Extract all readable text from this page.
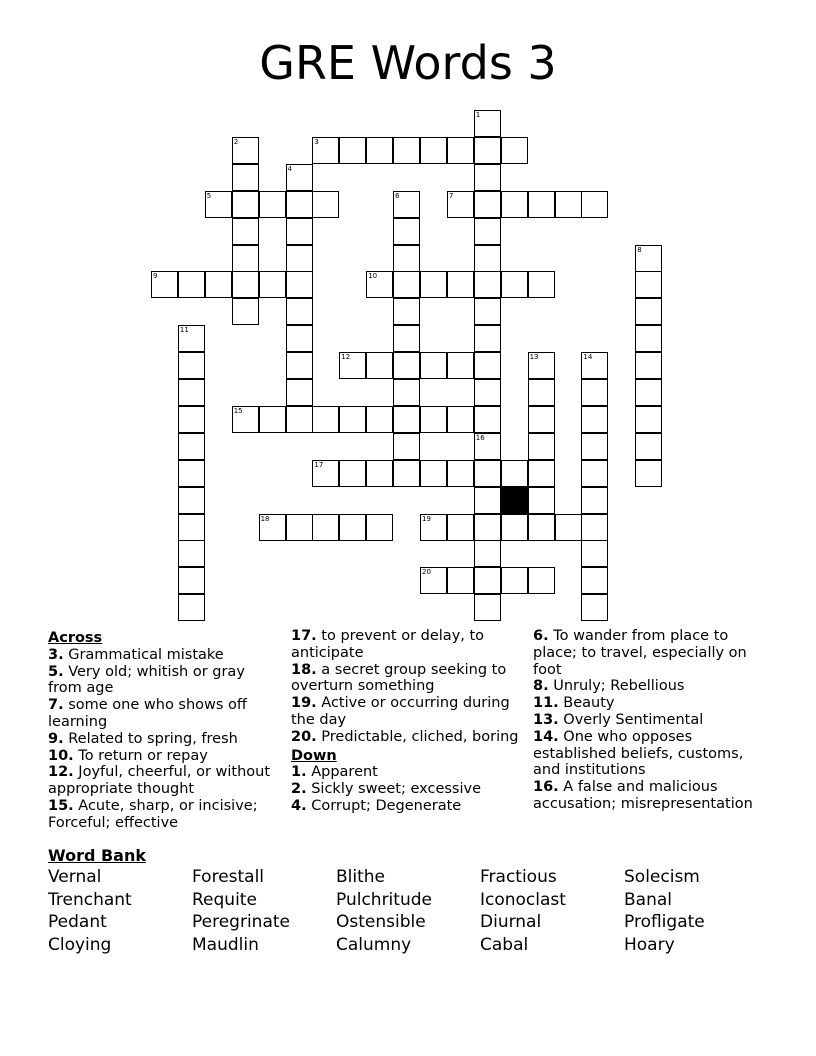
GRE Words 3
1
2	3
4
5	6	7
8
9	10
11
12	13	14
15
16
17
18	19
20
Across
3. Grammatical mistake
5. Very old; whitish or gray from age
7. some one who shows off learning
9. Related to spring, fresh
10. To return or repay
12. Joyful, cheerful, or without appropriate thought
15. Acute, sharp, or incisive; Forceful; effective
17. to prevent or delay, to anticipate
18. a secret group seeking to overturn something
19. Active or occurring during the day
20. Predictable, cliched, boring
Down
1. Apparent
2. Sickly sweet; excessive
4. Corrupt; Degenerate
6. To wander from place to place; to travel, especially on foot
8. Unruly; Rebellious
11. Beauty
13. Overly Sentimental
14. One who opposes established beliefs, customs, and institutions
16. A false and malicious accusation; misrepresentation
Word Bank
Vernal	Forestall	Blithe	Fractious	Solecism
Trenchant	Requite	Pulchritude	Iconoclast	Banal
Pedant	Peregrinate	Ostensible	Diurnal	Profligate
Cloying	Maudlin	Calumny	Cabal	Hoary
